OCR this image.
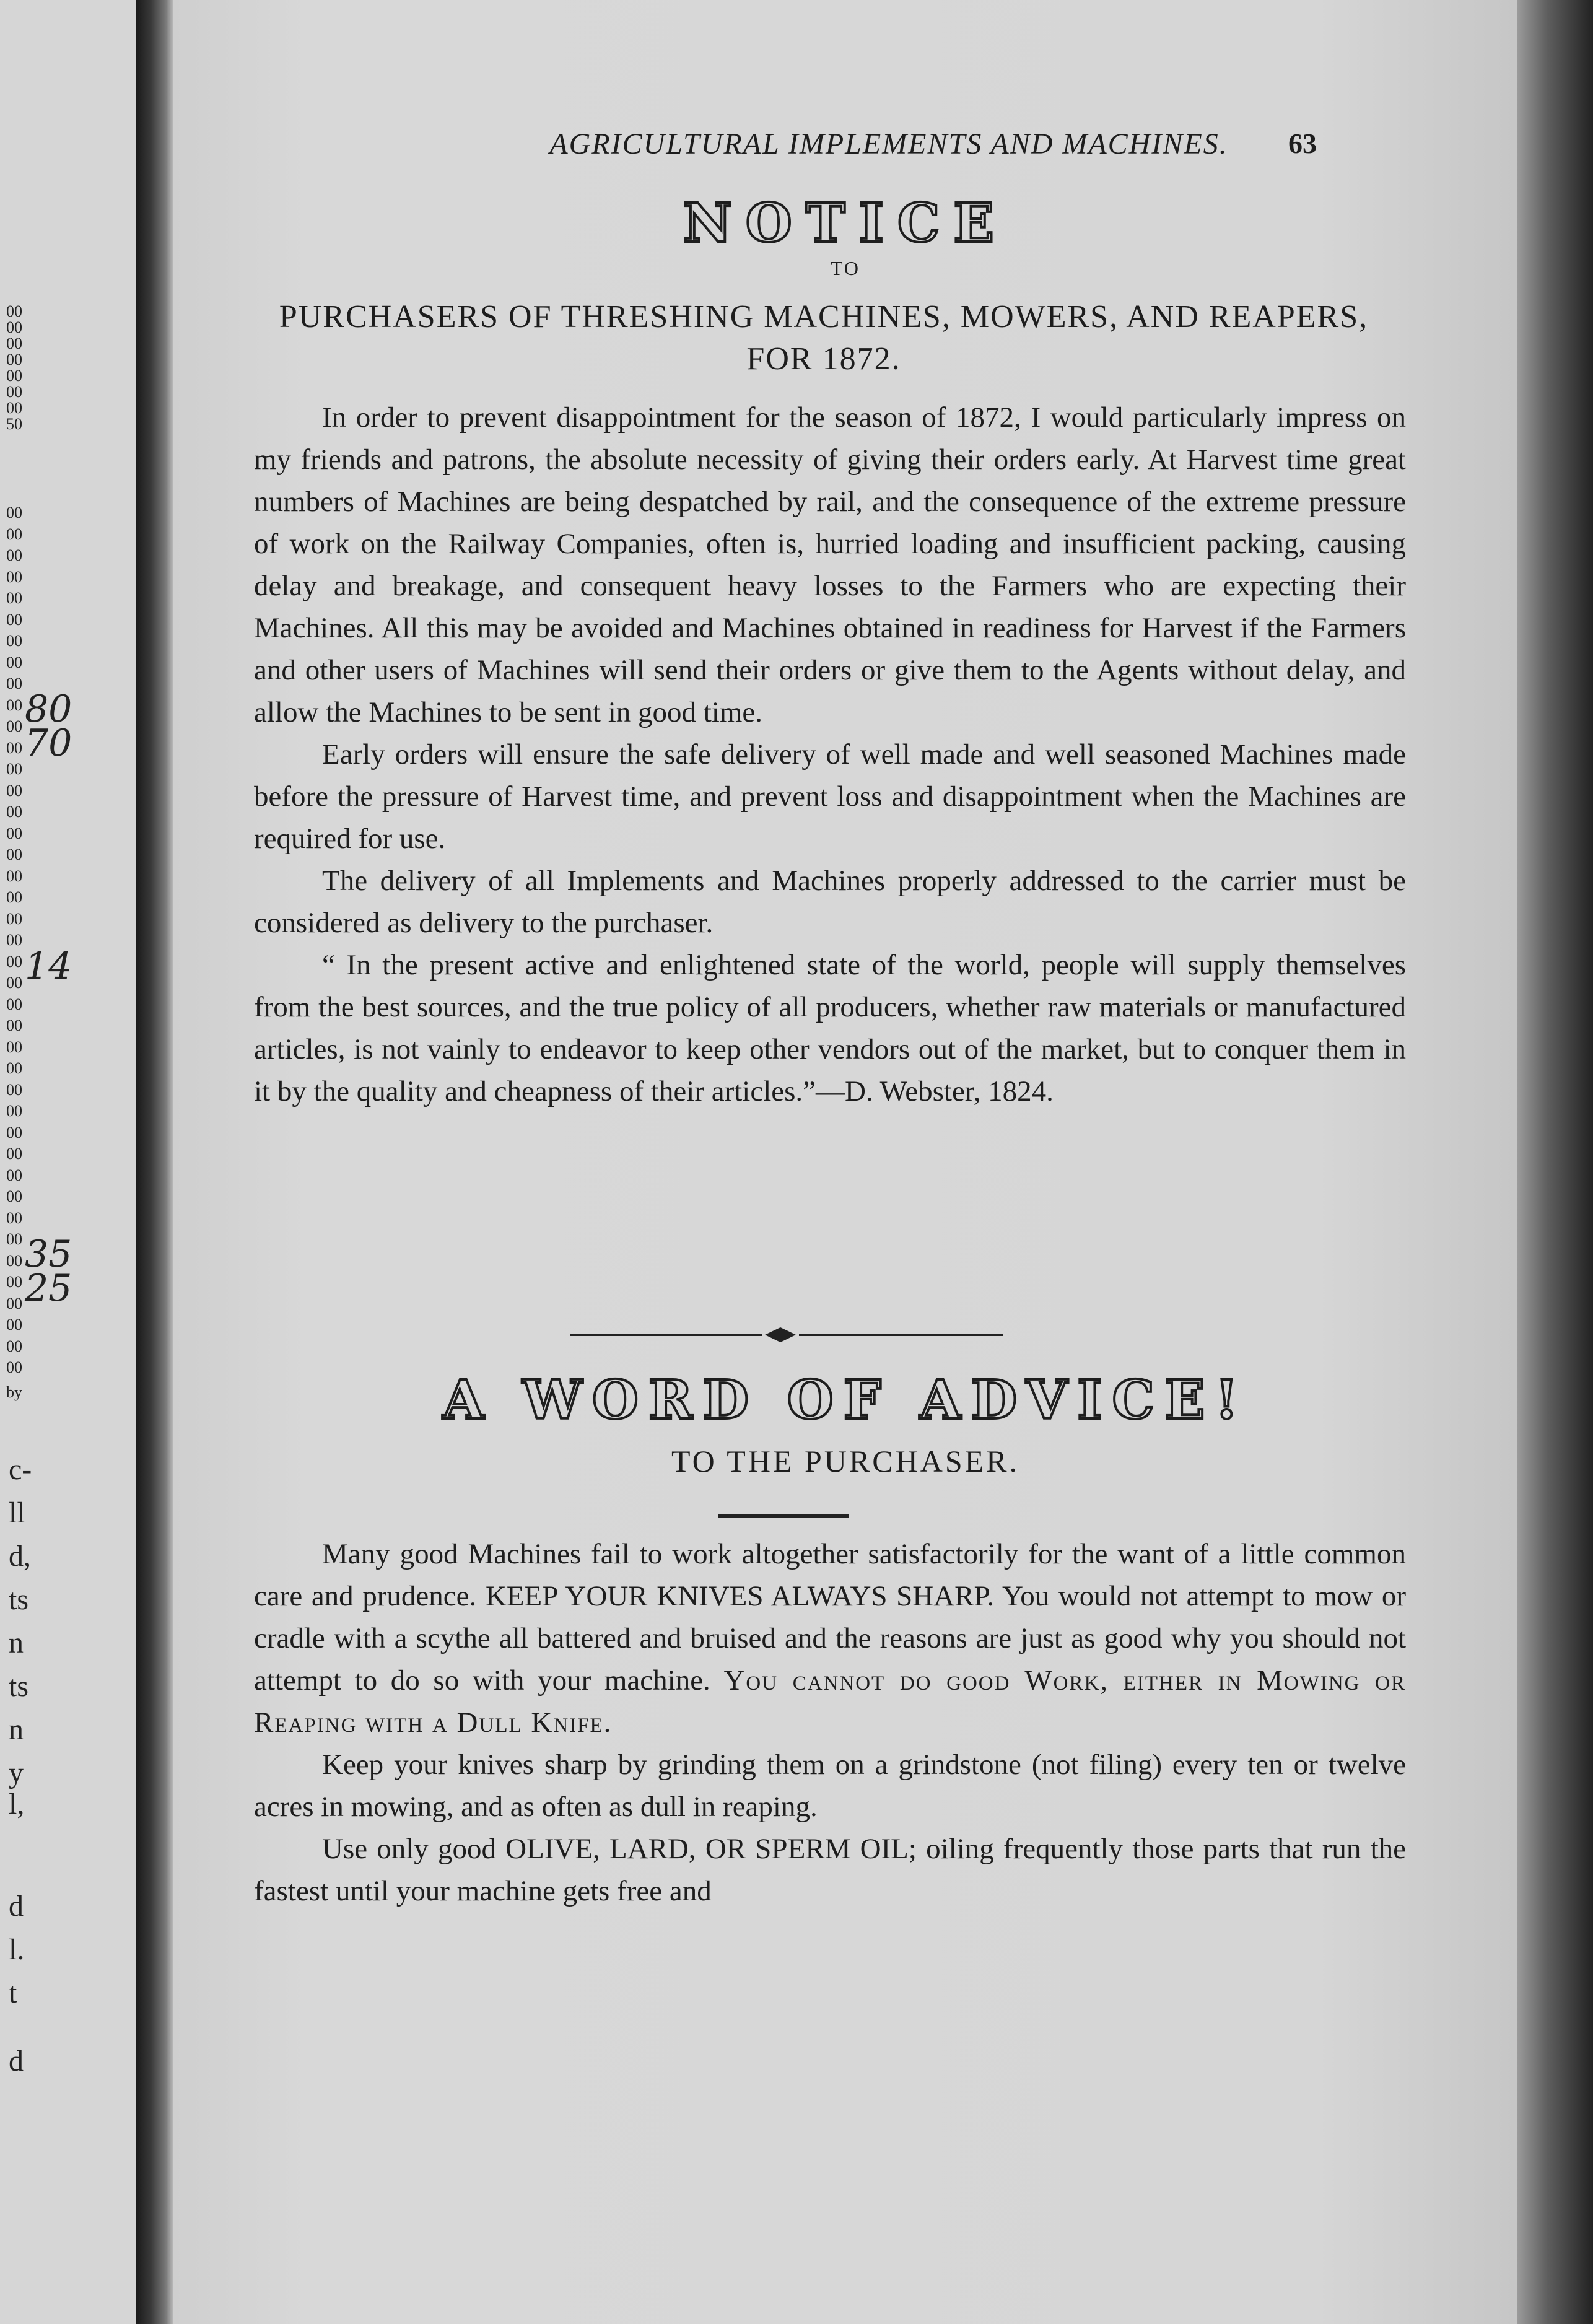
00
00
00
00
00
00
00
50
00
00
00
00
00
00
00
00
00
00
00
00
00
00
00
00
00
00
00
00
00
00
00
00
00
00
00
00
00
00
00
00
00
00
00
00
00
00
00
00
00
by
80
70
14
35
25
c-
ll
d,
ts
n
ts
n
y
l,
d
l.
t
d
AGRICULTURAL IMPLEMENTS AND MACHINES.	63
NOTICE
TO
PURCHASERS OF THRESHING MACHINES, MOWERS, AND REAPERS, FOR 1872.

In order to prevent disappointment for the season of 1872, I would particularly impress on my friends and patrons, the absolute necessity of giving their orders early. At Harvest time great numbers of Machines are being despatched by rail, and the consequence of the extreme pressure of work on the Railway Companies, often is, hurried loading and insufficient packing, causing delay and breakage, and consequent heavy losses to the Farmers who are expecting their Machines. All this may be avoided and Machines obtained in readiness for Harvest if the Farmers and other users of Machines will send their orders or give them to the Agents without delay, and allow the Machines to be sent in good time.

Early orders will ensure the safe delivery of well made and well seasoned Machines made before the pressure of Harvest time, and prevent loss and disappointment when the Machines are required for use.

The delivery of all Implements and Machines properly addressed to the carrier must be considered as delivery to the purchaser.

“ In the present active and enlightened state of the world, people will supply themselves from the best sources, and the true policy of all producers, whether raw materials or manufactured articles, is not vainly to endeavor to keep other vendors out of the market, but to conquer them in it by the quality and cheapness of their articles.”—D. Webster, 1824.

A WORD OF ADVICE!
TO THE PURCHASER.

Many good Machines fail to work altogether satisfactorily for the want of a little common care and prudence. KEEP YOUR KNIVES ALWAYS SHARP. You would not attempt to mow or cradle with a scythe all battered and bruised and the reasons are just as good why you should not attempt to do so with your machine. You cannot do good Work, either in Mowing or Reaping with a Dull Knife.

Keep your knives sharp by grinding them on a grindstone (not filing) every ten or twelve acres in mowing, and as often as dull in reaping.

Use only good OLIVE, LARD, OR SPERM OIL; oiling frequently those parts that run the fastest until your machine gets free and
